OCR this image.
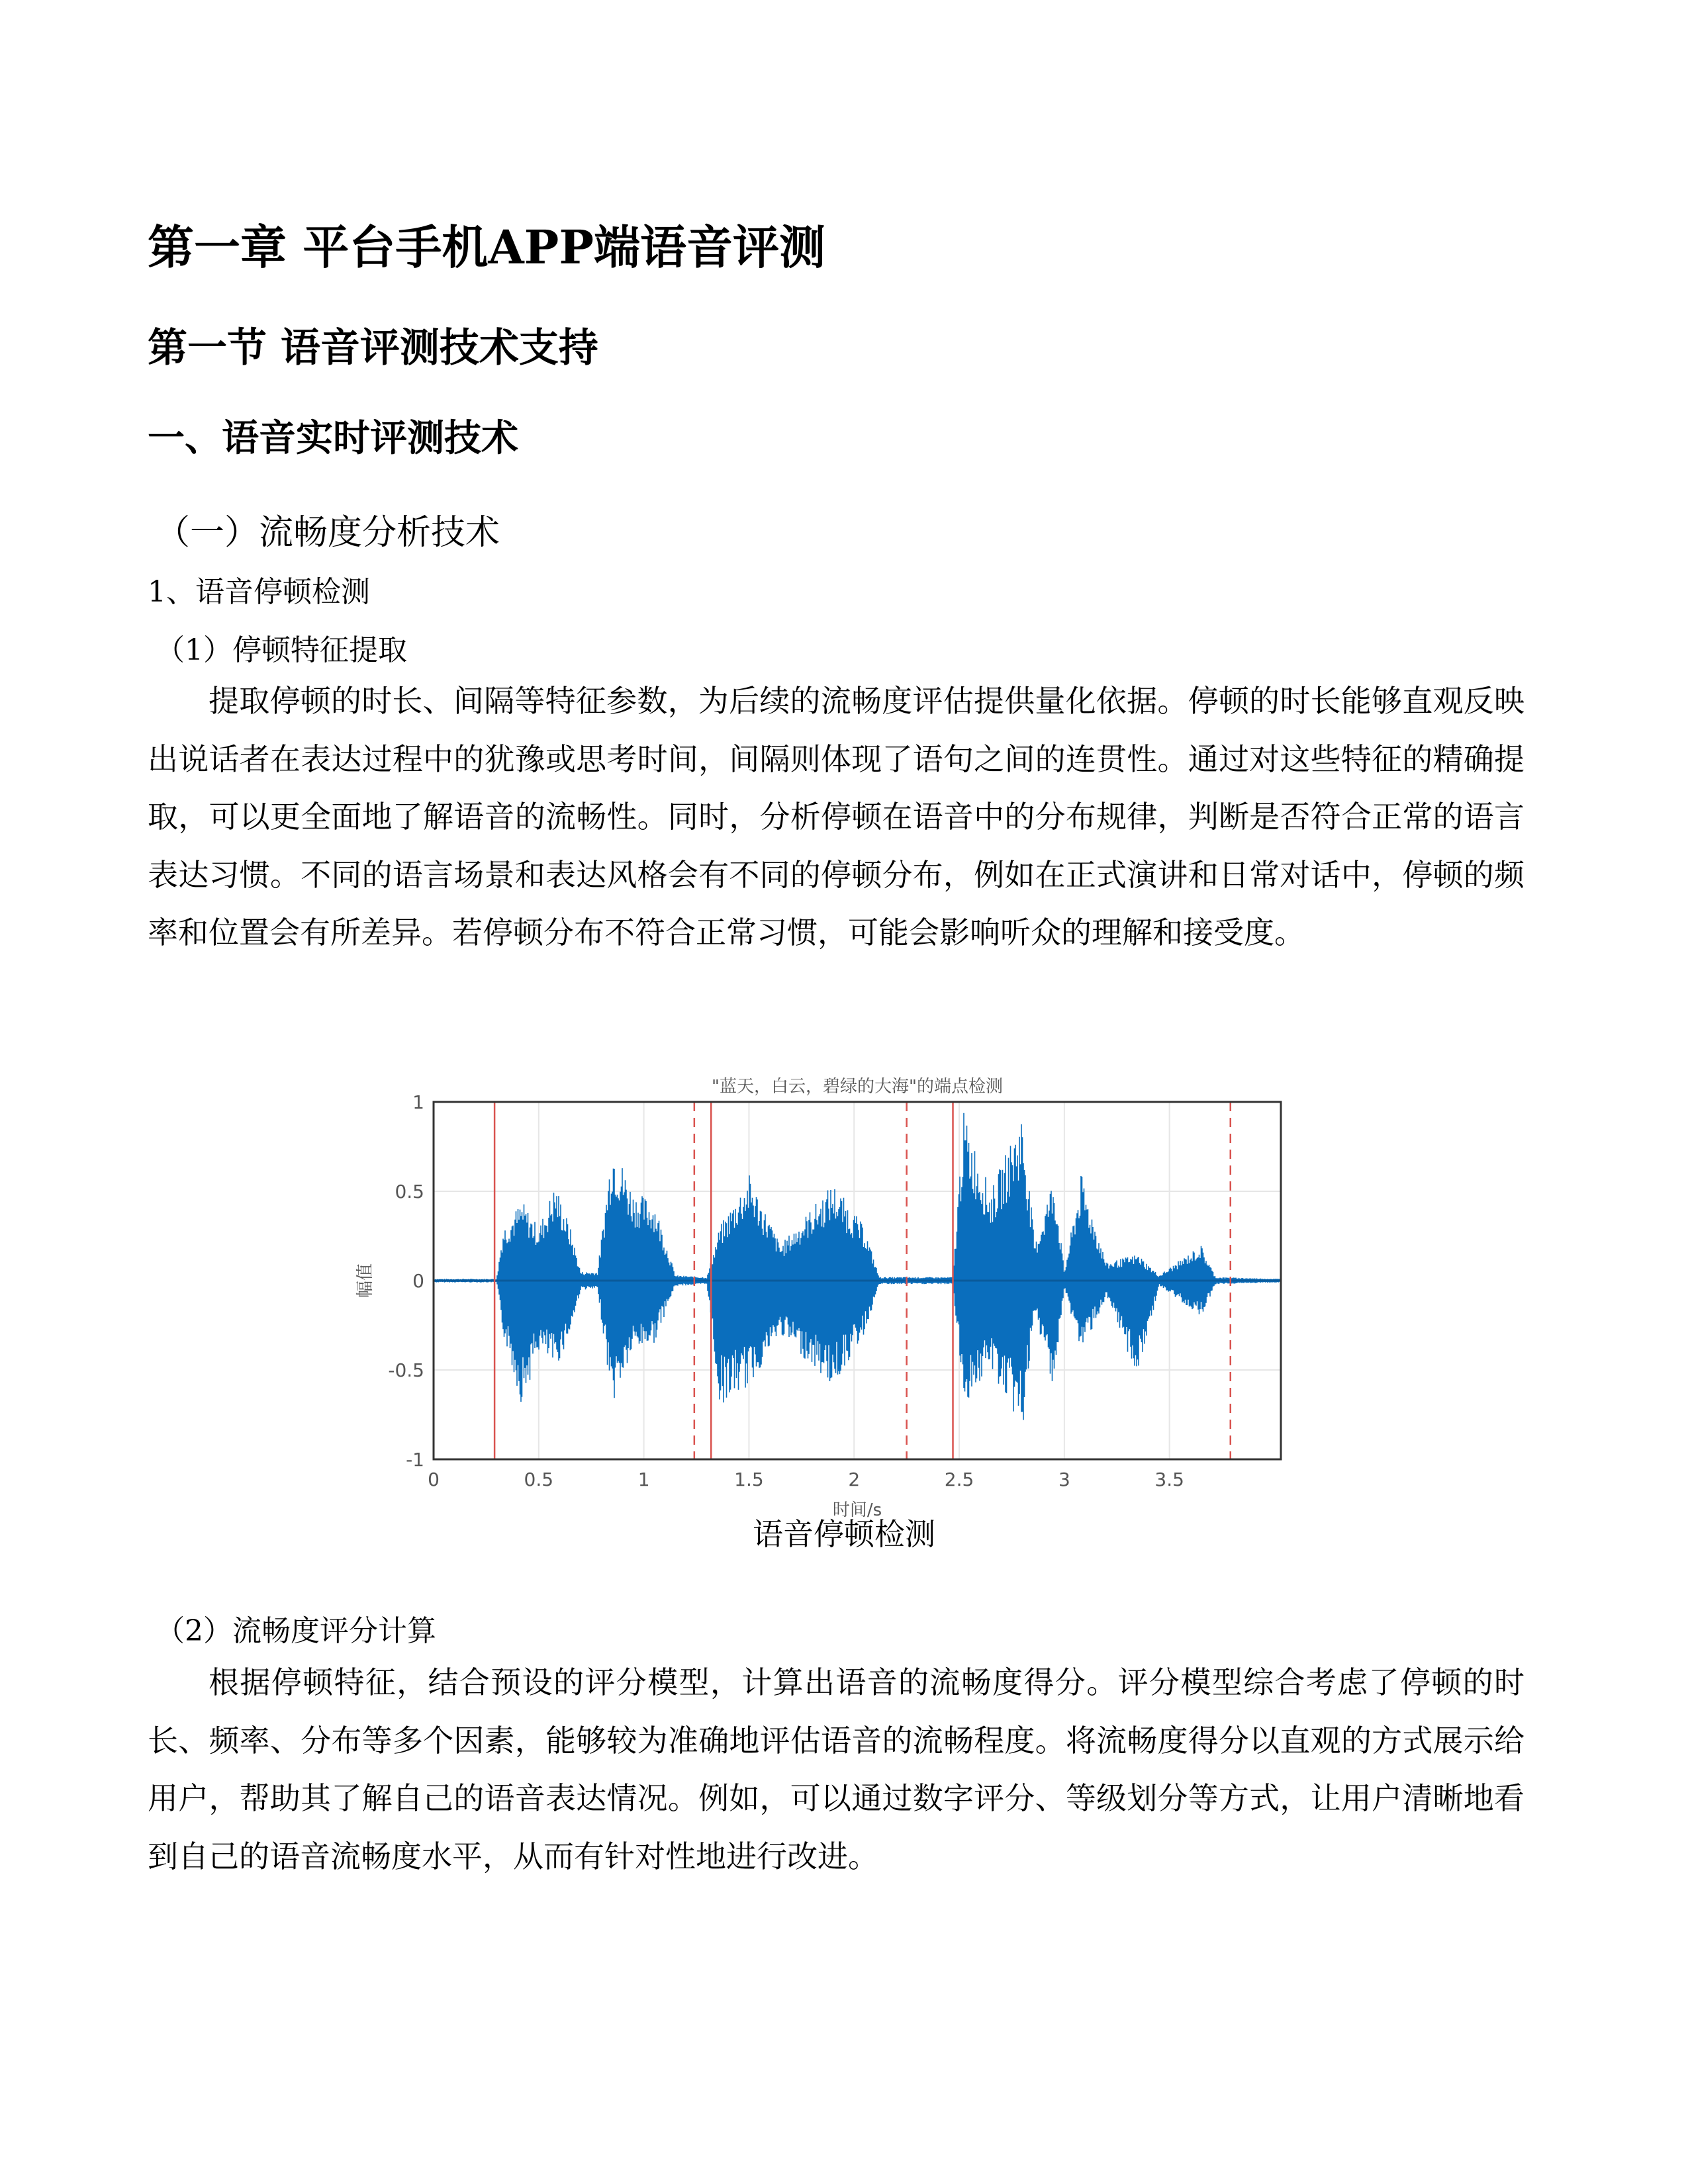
第一章 平台手机APP端语音评测
第一节 语音评测技术支持
一、语音实时评测技术
（一）流畅度分析技术
1、语音停顿检测
（1）停顿特征提取
提取停顿的时长、间隔等特征参数，为后续的流畅度评估提供量化依据。停顿的时长能够直观反映出说话者在表达过程中的犹豫或思考时间，间隔则体现了语句之间的连贯性。通过对这些特征的精确提取，可以更全面地了解语音的流畅性。同时，分析停顿在语音中的分布规律，判断是否符合正常的语言表达习惯。不同的语言场景和表达风格会有不同的停顿分布，例如在正式演讲和日常对话中，停顿的频率和位置会有所差异。若停顿分布不符合正常习惯，可能会影响听众的理解和接受度。
"蓝天，白云，碧绿的大海"的端点检测
0	0.5	1	1.5	2	2.5	3	3.5
1
0.5
0
-0.5
-1
时间/s
幅值
语音停顿检测
（2）流畅度评分计算
根据停顿特征，结合预设的评分模型，计算出语音的流畅度得分。评分模型综合考虑了停顿的时长、频率、分布等多个因素，能够较为准确地评估语音的流畅程度。将流畅度得分以直观的方式展示给用户，帮助其了解自己的语音表达情况。例如，可以通过数字评分、等级划分等方式，让用户清晰地看到自己的语音流畅度水平，从而有针对性地进行改进。
